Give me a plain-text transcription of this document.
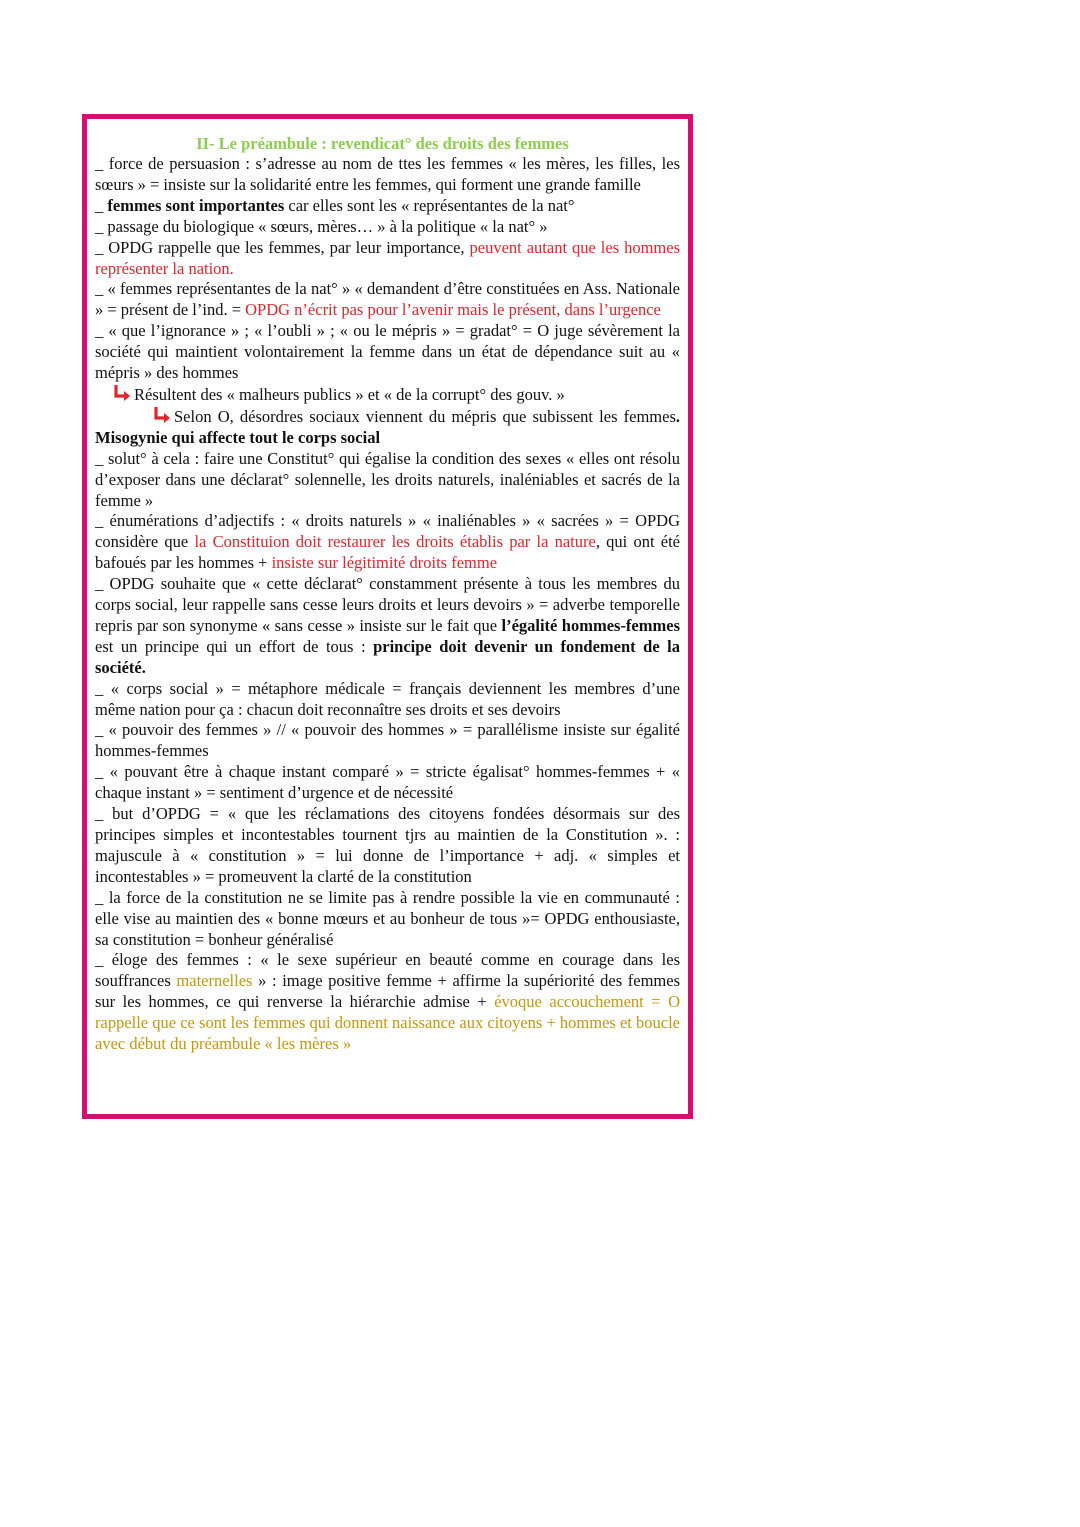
II- Le préambule : revendicat° des droits des femmes

_ force de persuasion : s’adresse au nom de ttes les femmes « les mères, les filles, les sœurs » = insiste sur la solidarité entre les femmes, qui forment une grande famille

_ femmes sont importantes car elles sont les « représentantes de la nat°

_ passage du biologique « sœurs, mères… » à la politique « la nat° »

_ OPDG rappelle que les femmes, par leur importance, peuvent autant que les hommes représenter la nation.

_ « femmes représentantes de la nat° » « demandent d’être constituées en Ass. Nationale » = présent de l’ind. = OPDG n’écrit pas pour l’avenir mais le présent, dans l’urgence

_ « que l’ignorance » ; « l’oubli » ; « ou le mépris » = gradat° = O juge sévèrement la société qui maintient volontairement la femme dans un état de dépendance suit au « mépris » des hommes

Résultent des « malheurs publics » et « de la corrupt° des gouv. »

Selon O, désordres sociaux viennent du mépris que subissent les femmes. Misogynie qui affecte tout le corps social

_ solut° à cela : faire une Constitut° qui égalise la condition des sexes « elles ont résolu d’exposer dans une déclarat° solennelle, les droits naturels, inaléniables et sacrés de la femme »

_ énumérations d’adjectifs : « droits naturels » « inaliénables » « sacrées » = OPDG considère que la Constituion doit restaurer les droits établis par la nature, qui ont été bafoués par les hommes + insiste sur légitimité droits femme

_ OPDG souhaite que « cette déclarat° constamment présente à tous les membres du corps social, leur rappelle sans cesse leurs droits et leurs devoirs » = adverbe temporelle repris par son synonyme « sans cesse » insiste sur le fait que l’égalité hommes-femmes est un principe qui un effort de tous : principe doit devenir un fondement de la société.

_ « corps social » = métaphore médicale = français deviennent les membres d’une même nation pour ça : chacun doit reconnaître ses droits et ses devoirs

_ « pouvoir des femmes » // « pouvoir des hommes » = parallélisme insiste sur égalité hommes-femmes

_ « pouvant être à chaque instant comparé » = stricte égalisat° hommes-femmes + « chaque instant » = sentiment d’urgence et de nécessité

_ but d’OPDG = « que les réclamations des citoyens fondées désormais sur des principes simples et incontestables tournent tjrs au maintien de la Constitution ». : majuscule à « constitution » = lui donne de l’importance + adj. « simples et incontestables » = promeuvent la clarté de la constitution

_ la force de la constitution ne se limite pas à rendre possible la vie en communauté : elle vise au maintien des « bonne mœurs et au bonheur de tous »= OPDG enthousiaste, sa constitution = bonheur généralisé

_ éloge des femmes : « le sexe supérieur en beauté comme en courage dans les souffrances maternelles » : image positive femme + affirme la supériorité des femmes sur les hommes, ce qui renverse la hiérarchie admise + évoque accouchement = O rappelle que ce sont les femmes qui donnent naissance aux citoyens + hommes et boucle avec début du préambule « les mères »
